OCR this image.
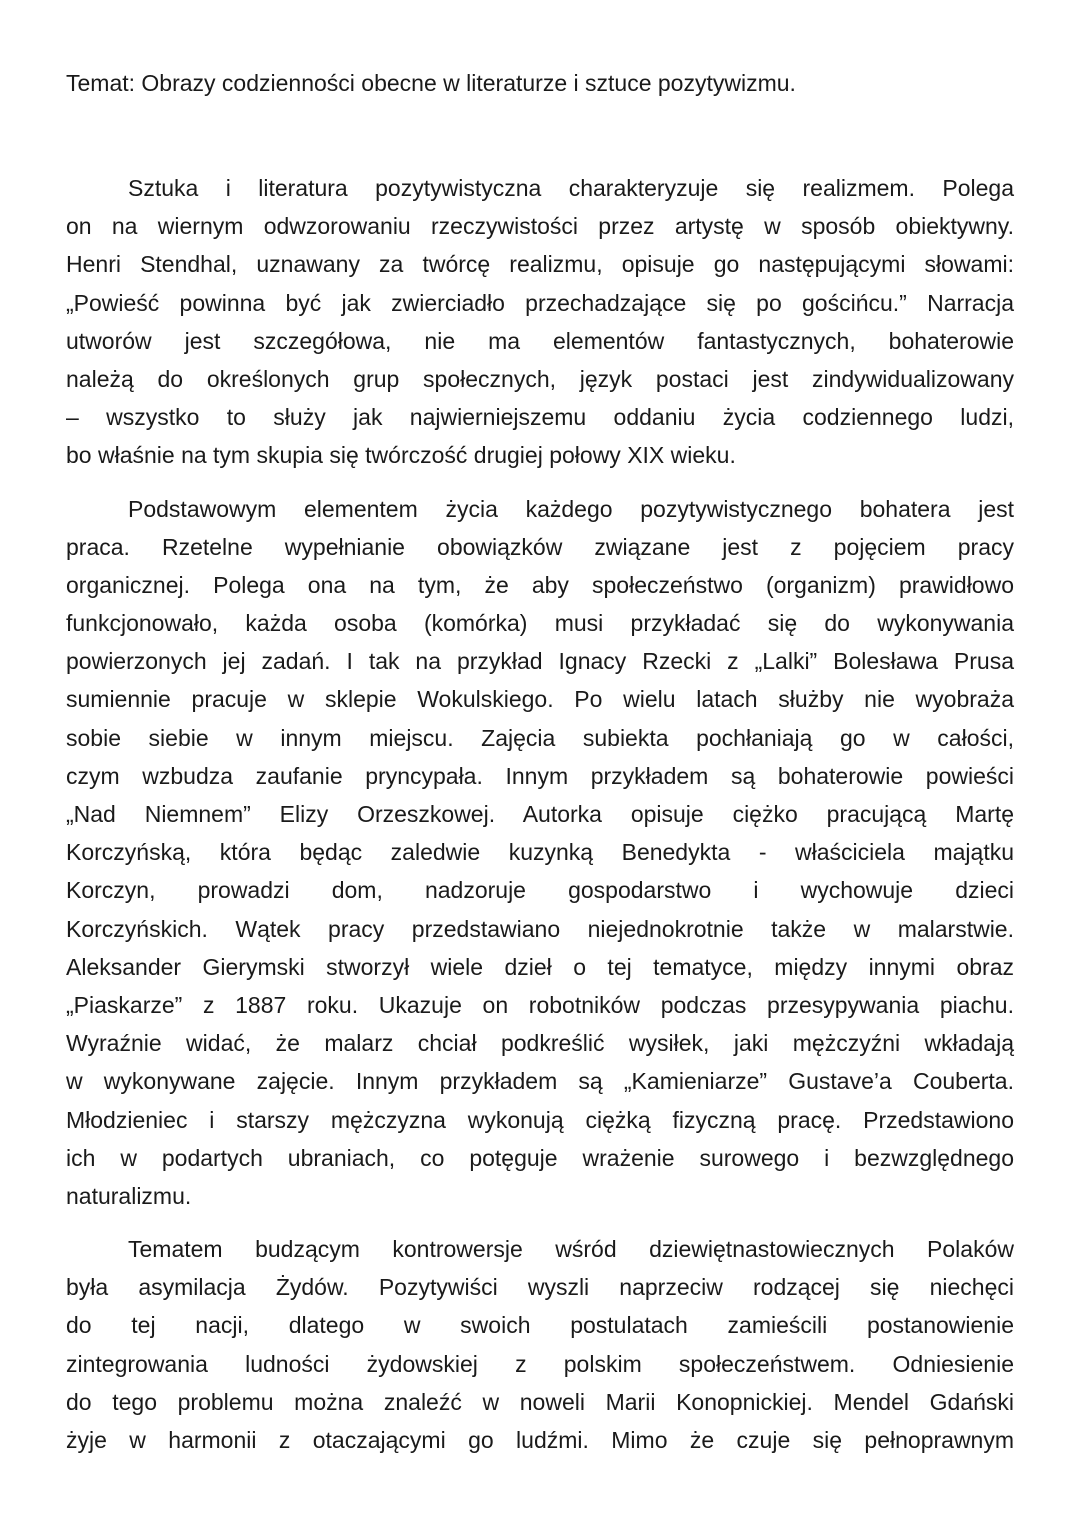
Temat: Obrazy codzienności obecne w literaturze i sztuce pozytywizmu.
Sztuka i literatura pozytywistyczna charakteryzuje się realizmem. Polega
on na wiernym odwzorowaniu rzeczywistości przez artystę w sposób obiektywny.
Henri Stendhal, uznawany za twórcę realizmu, opisuje go następującymi słowami:
„Powieść powinna być jak zwierciadło przechadzające się po gościńcu.” Narracja
utworów jest szczegółowa, nie ma elementów fantastycznych, bohaterowie
należą do określonych grup społecznych, język postaci jest zindywidualizowany
– wszystko to służy jak najwierniejszemu oddaniu życia codziennego ludzi,
bo właśnie na tym skupia się twórczość drugiej połowy XIX wieku.
Podstawowym elementem życia każdego pozytywistycznego bohatera jest
praca. Rzetelne wypełnianie obowiązków związane jest z pojęciem pracy
organicznej. Polega ona na tym, że aby społeczeństwo (organizm) prawidłowo
funkcjonowało, każda osoba (komórka) musi przykładać się do wykonywania
powierzonych jej zadań. I tak na przykład Ignacy Rzecki z „Lalki” Bolesława Prusa
sumiennie pracuje w sklepie Wokulskiego. Po wielu latach służby nie wyobraża
sobie siebie w innym miejscu. Zajęcia subiekta pochłaniają go w całości,
czym wzbudza zaufanie pryncypała. Innym przykładem są bohaterowie powieści
„Nad Niemnem” Elizy Orzeszkowej. Autorka opisuje ciężko pracującą Martę
Korczyńską, która będąc zaledwie kuzynką Benedykta - właściciela majątku
Korczyn, prowadzi dom, nadzoruje gospodarstwo i wychowuje dzieci
Korczyńskich. Wątek pracy przedstawiano niejednokrotnie także w malarstwie.
Aleksander Gierymski stworzył wiele dzieł o tej tematyce, między innymi obraz
„Piaskarze” z 1887 roku. Ukazuje on robotników podczas przesypywania piachu.
Wyraźnie widać, że malarz chciał podkreślić wysiłek, jaki mężczyźni wkładają
w wykonywane zajęcie. Innym przykładem są „Kamieniarze” Gustave’a Couberta.
Młodzieniec i starszy mężczyzna wykonują ciężką fizyczną pracę. Przedstawiono
ich w podartych ubraniach, co potęguje wrażenie surowego i bezwzględnego
naturalizmu.
Tematem budzącym kontrowersje wśród dziewiętnastowiecznych Polaków
była asymilacja Żydów. Pozytywiści wyszli naprzeciw rodzącej się niechęci
do tej nacji, dlatego w swoich postulatach zamieścili postanowienie
zintegrowania ludności żydowskiej z polskim społeczeństwem. Odniesienie
do tego problemu można znaleźć w noweli Marii Konopnickiej. Mendel Gdański
żyje w harmonii z otaczającymi go ludźmi. Mimo że czuje się pełnoprawnym
